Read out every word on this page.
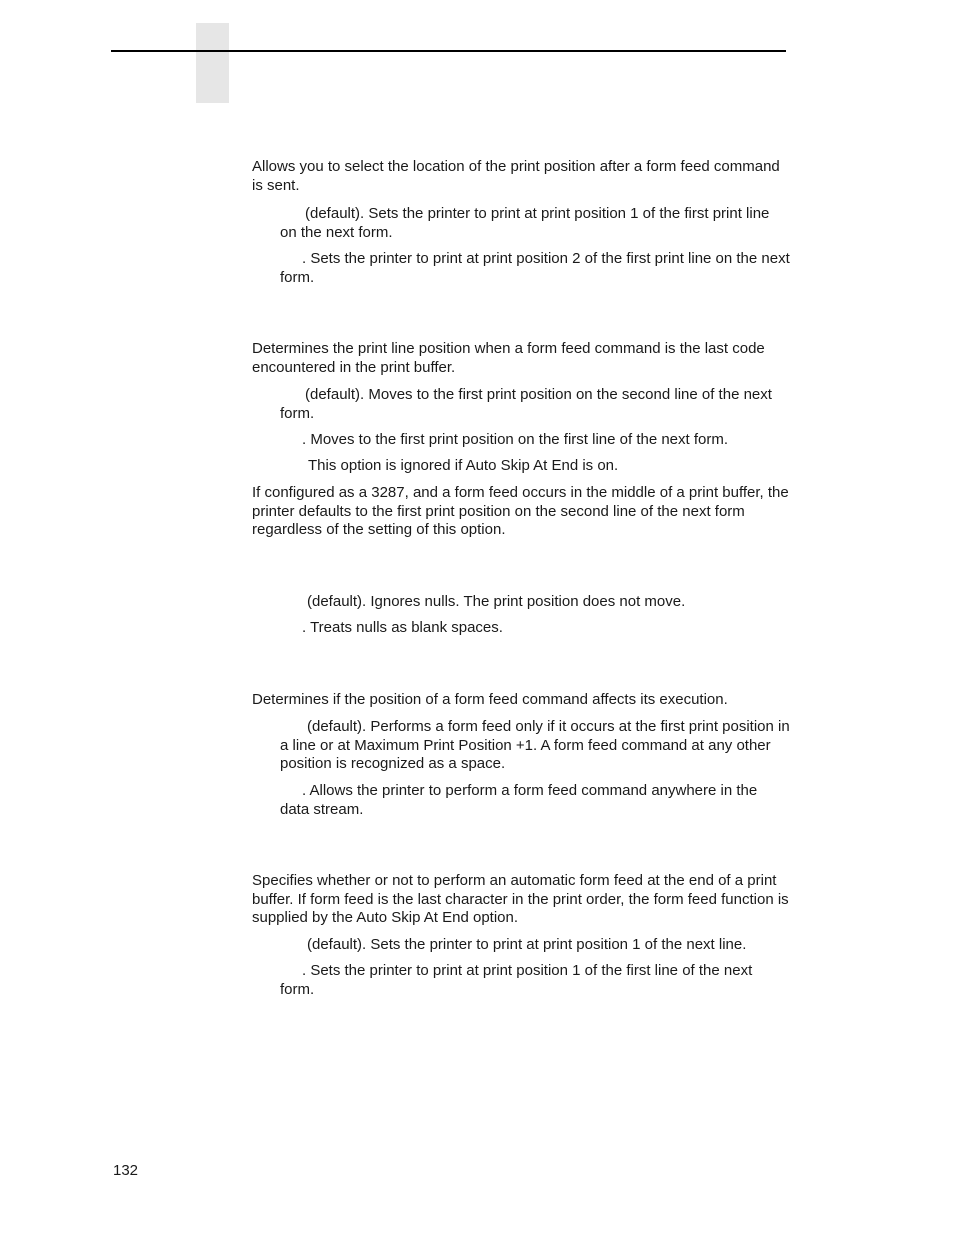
Allows you to select the location of the print position after a form feed command is sent.

(default). Sets the printer to print at print position 1 of the first print line on the next form.

. Sets the printer to print at print position 2 of the first print line on the next form.

Determines the print line position when a form feed command is the last code encountered in the print buffer.

(default). Moves to the first print position on the second line of the next form.

. Moves to the first print position on the first line of the next form.

This option is ignored if Auto Skip At End is on.

If configured as a 3287, and a form feed occurs in the middle of a print buffer, the printer defaults to the first print position on the second line of the next form regardless of the setting of this option.

(default). Ignores nulls. The print position does not move.

. Treats nulls as blank spaces.

Determines if the position of a form feed command affects its execution.

(default). Performs a form feed only if it occurs at the first print position in a line or at Maximum Print Position +1. A form feed command at any other position is recognized as a space.

. Allows the printer to perform a form feed command anywhere in the data stream.

Specifies whether or not to perform an automatic form feed at the end of a print buffer. If form feed is the last character in the print order, the form feed function is supplied by the Auto Skip At End option.

(default). Sets the printer to print at print position 1 of the next line.

. Sets the printer to print at print position 1 of the first line of the next form.

132
